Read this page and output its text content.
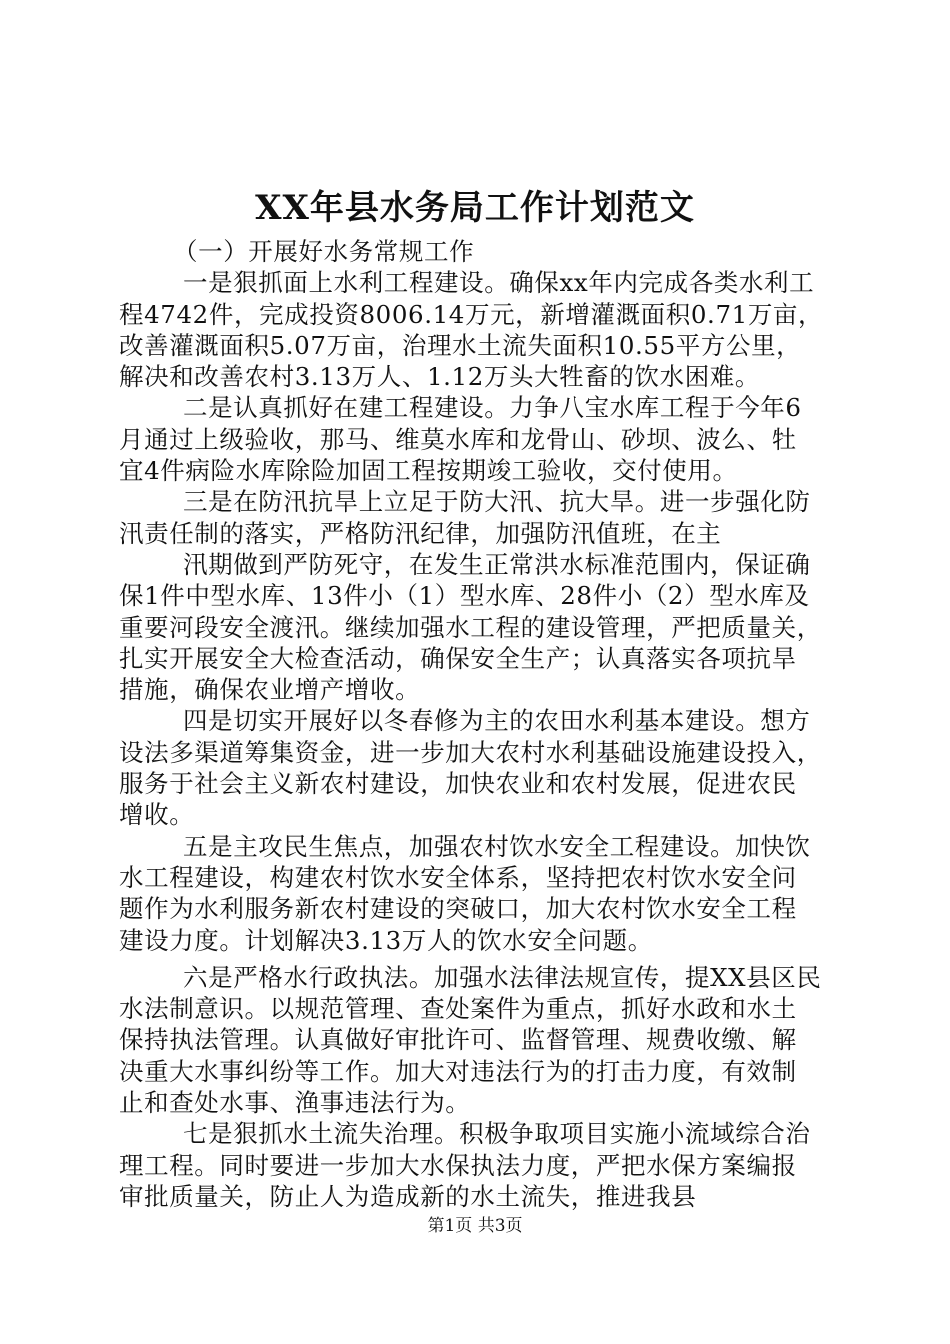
XX年县水务局工作计划范文
（一）开展好水务常规工作
一是狠抓面上水利工程建设。确保xx年内完成各类水利工
程4742件，完成投资8006.14万元，新增灌溉面积0.71万亩，
改善灌溉面积5.07万亩，治理水土流失面积10.55平方公里，
解决和改善农村3.13万人、1.12万头大牲畜的饮水困难。
二是认真抓好在建工程建设。力争八宝水库工程于今年6
月通过上级验收，那马、维莫水库和龙骨山、砂坝、波么、牡
宜4件病险水库除险加固工程按期竣工验收，交付使用。
三是在防汛抗旱上立足于防大汛、抗大旱。进一步强化防
汛责任制的落实，严格防汛纪律，加强防汛值班，在主
汛期做到严防死守，在发生正常洪水标准范围内，保证确
保1件中型水库、13件小（1）型水库、28件小（2）型水库及
重要河段安全渡汛。继续加强水工程的建设管理，严把质量关，
扎实开展安全大检查活动，确保安全生产；认真落实各项抗旱
措施，确保农业增产增收。
四是切实开展好以冬春修为主的农田水利基本建设。想方
设法多渠道筹集资金，进一步加大农村水利基础设施建设投入，
服务于社会主义新农村建设，加快农业和农村发展，促进农民
增收。
五是主攻民生焦点，加强农村饮水安全工程建设。加快饮
水工程建设，构建农村饮水安全体系，坚持把农村饮水安全问
题作为水利服务新农村建设的突破口，加大农村饮水安全工程
建设力度。计划解决3.13万人的饮水安全问题。
六是严格水行政执法。加强水法律法规宣传，提XX县区民
水法制意识。以规范管理、查处案件为重点，抓好水政和水土
保持执法管理。认真做好审批许可、监督管理、规费收缴、解
决重大水事纠纷等工作。加大对违法行为的打击力度，有效制
止和查处水事、渔事违法行为。
七是狠抓水土流失治理。积极争取项目实施小流域综合治
理工程。同时要进一步加大水保执法力度，严把水保方案编报
审批质量关，防止人为造成新的水土流失，推进我县
第1页 共3页
